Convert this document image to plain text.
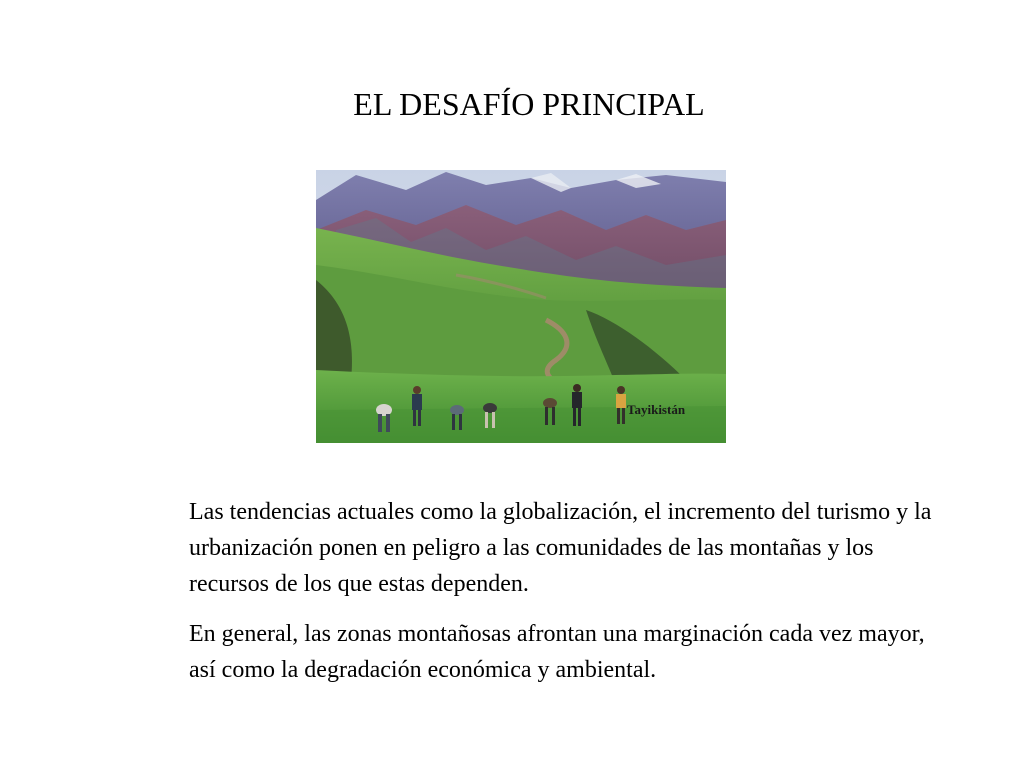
EL DESAFÍO PRINCIPAL
Tayikistán

Las tendencias actuales como la globalización, el incremento del turismo y la urbanización ponen en peligro a las comunidades de las montañas y los recursos de los que estas dependen.

En general, las zonas montañosas afrontan una marginación cada vez mayor, así como la degradación económica y ambiental.
